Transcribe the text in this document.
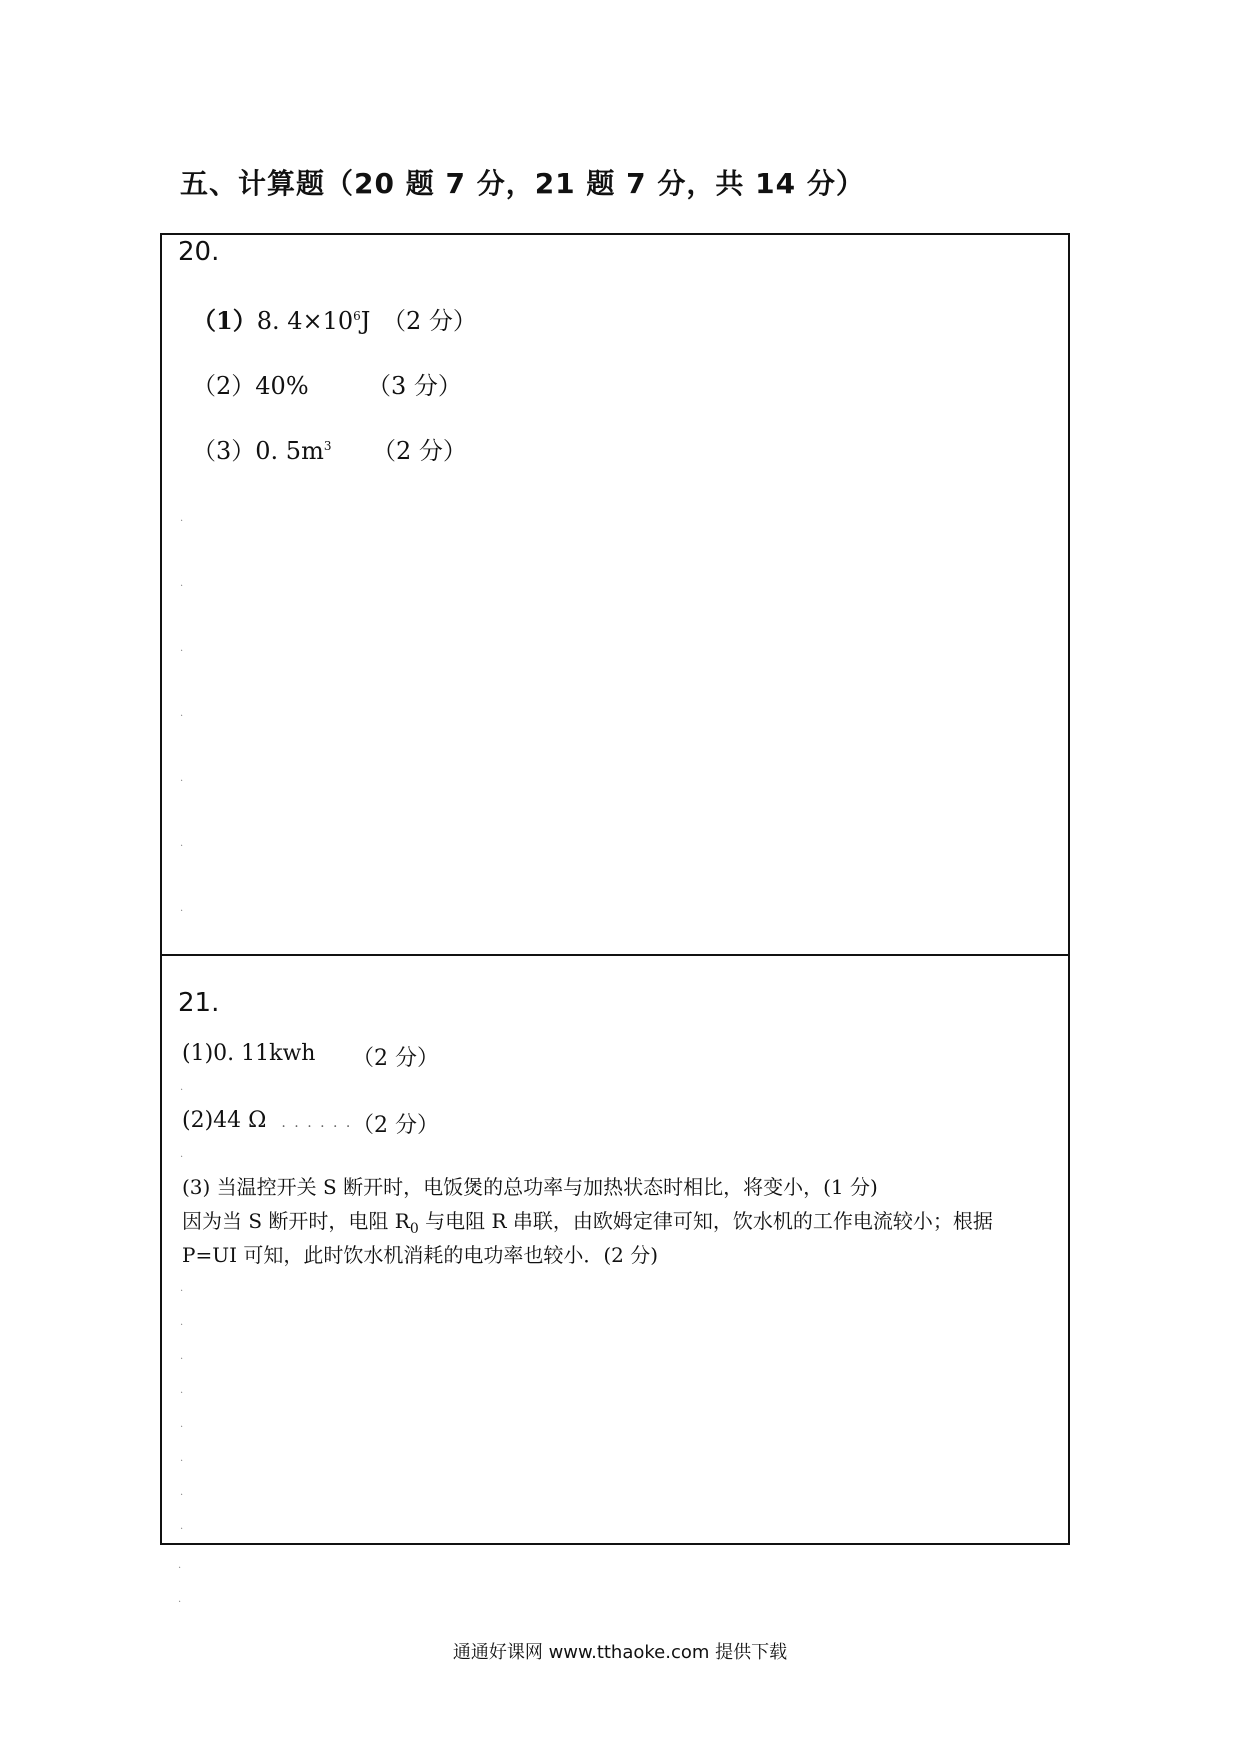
五、计算题（20 题 7 分，21 题 7 分，共 14 分）
20.
（1）8. $4\times 10^6J$ （2 分）
（2）40% （3 分）
（3）0. $5m^3$ （2 分）
.
.
.
.
.
.
.
21.
(1)0. 11kwh （2 分）
.
(2)44 Ω . . . . . . （2 分）
.

(3) 当温控开关 S 断开时，电饭煲的总功率与加热状态时相比，将变小，(1 分)

因为当 S 断开时，电阻 $R_0$ 与电阻 R 串联，由欧姆定律可知，饮水机的工作电流较小；根据

P=UI 可知，此时饮水机消耗的电功率也较小．(2 分)

.
.
.
.
.
.
.
.
.
.
通通好课网 www.tthaoke.com 提供下载
